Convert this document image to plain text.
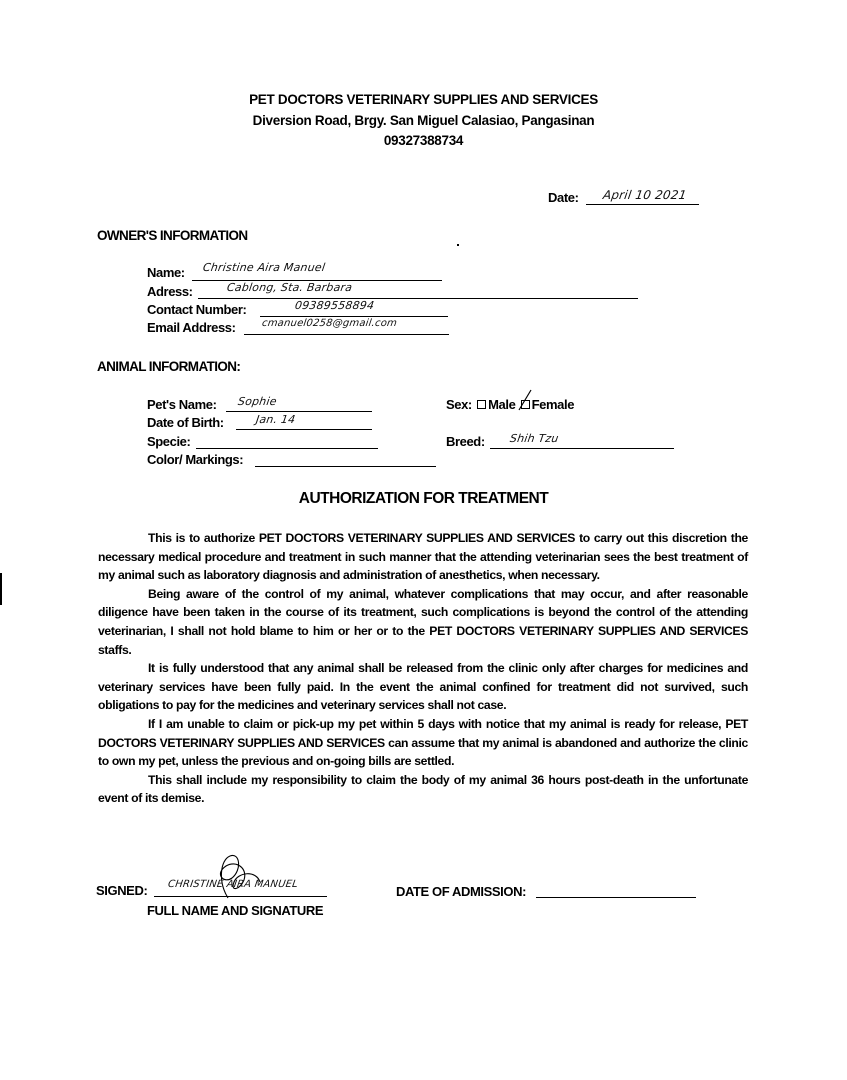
PET DOCTORS VETERINARY SUPPLIES AND SERVICES
Diversion Road, Brgy. San Miguel Calasiao, Pangasinan
09327388734
Date: April 10 2021
OWNER'S INFORMATION
Name: Christine Aira Manuel
Adress:	Cablong, Sta. Barbara
Contact Number:	09389558894
Email Address:	cmanuel0258@gmail.com
ANIMAL INFORMATION:
Pet's Name: Sophie
Date of Birth:	Jan. 14
Specie:
Color/ Markings:
Sex: Male Female
Breed: Shih Tzu
AUTHORIZATION FOR TREATMENT

This is to authorize PET DOCTORS VETERINARY SUPPLIES AND SERVICES to carry out this discretion the necessary medical procedure and treatment in such manner that the attending veterinarian sees the best treatment of my animal such as laboratory diagnosis and administration of anesthetics, when necessary.

Being aware of the control of my animal, whatever complications that may occur, and after reasonable diligence have been taken in the course of its treatment, such complications is beyond the control of the attending veterinarian, I shall not hold blame to him or her or to the PET DOCTORS VETERINARY SUPPLIES AND SERVICES staffs.

It is fully understood that any animal shall be released from the clinic only after charges for medicines and veterinary services have been fully paid. In the event the animal confined for treatment did not survived, such obligations to pay for the medicines and veterinary services shall not case.

If I am unable to claim or pick-up my pet within 5 days with notice that my animal is ready for release, PET DOCTORS VETERINARY SUPPLIES AND SERVICES can assume that my animal is abandoned and authorize the clinic to own my pet, unless the previous and on-going bills are settled.

This shall include my responsibility to claim the body of my animal 36 hours post-death in the unfortunate event of its demise.

SIGNED: CHRISTINE AIRA MANUEL
FULL NAME AND SIGNATURE
DATE OF ADMISSION:
